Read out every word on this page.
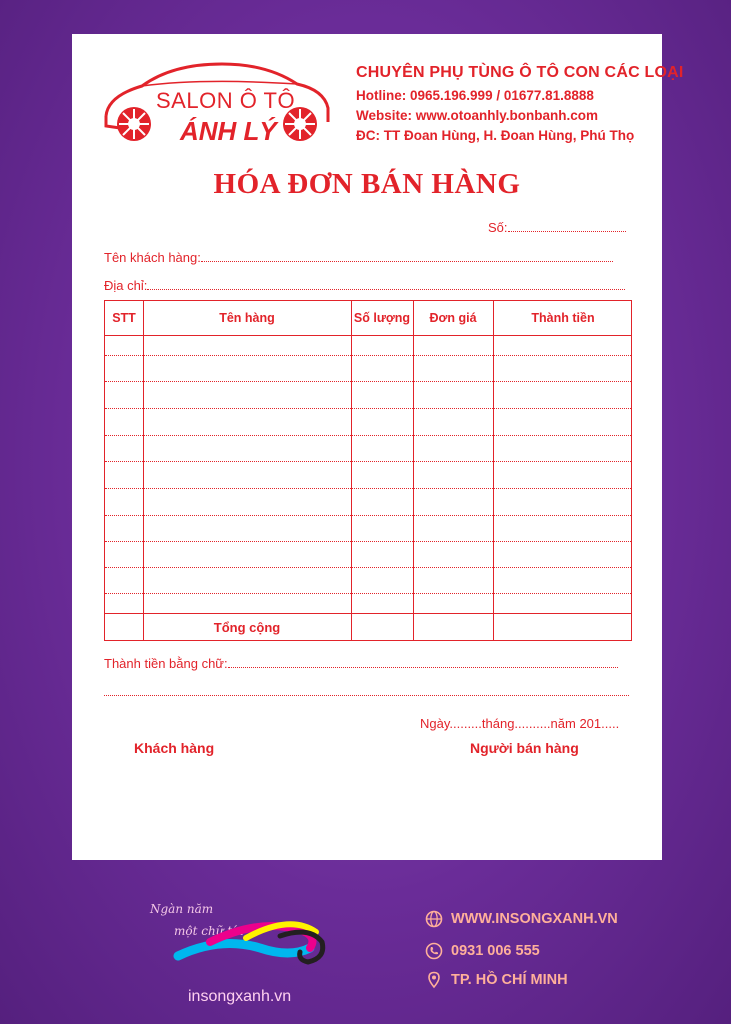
SALON Ô TÔ
ÁNH LÝ
CHUYÊN PHỤ TÙNG Ô TÔ CON CÁC LOẠI
Hotline: 0965.196.999 / 01677.81.8888
Website: www.otoanhly.bonbanh.com
ĐC: TT Đoan Hùng, H. Đoan Hùng, Phú Thọ
HÓA ĐƠN BÁN HÀNG
Số:
Tên khách hàng:
Địa chỉ:
STT	Tên hàng	Số lượng	Đơn giá	Thành tiền
Tổng cộng
Thành tiền bằng chữ:
Ngày.........tháng..........năm 201.....
Khách hàng	Người bán hàng
Ngàn năm
một chữ tín
insongxanh.vn
WWW.INSONGXANH.VN
0931 006 555
TP. HỒ CHÍ MINH
